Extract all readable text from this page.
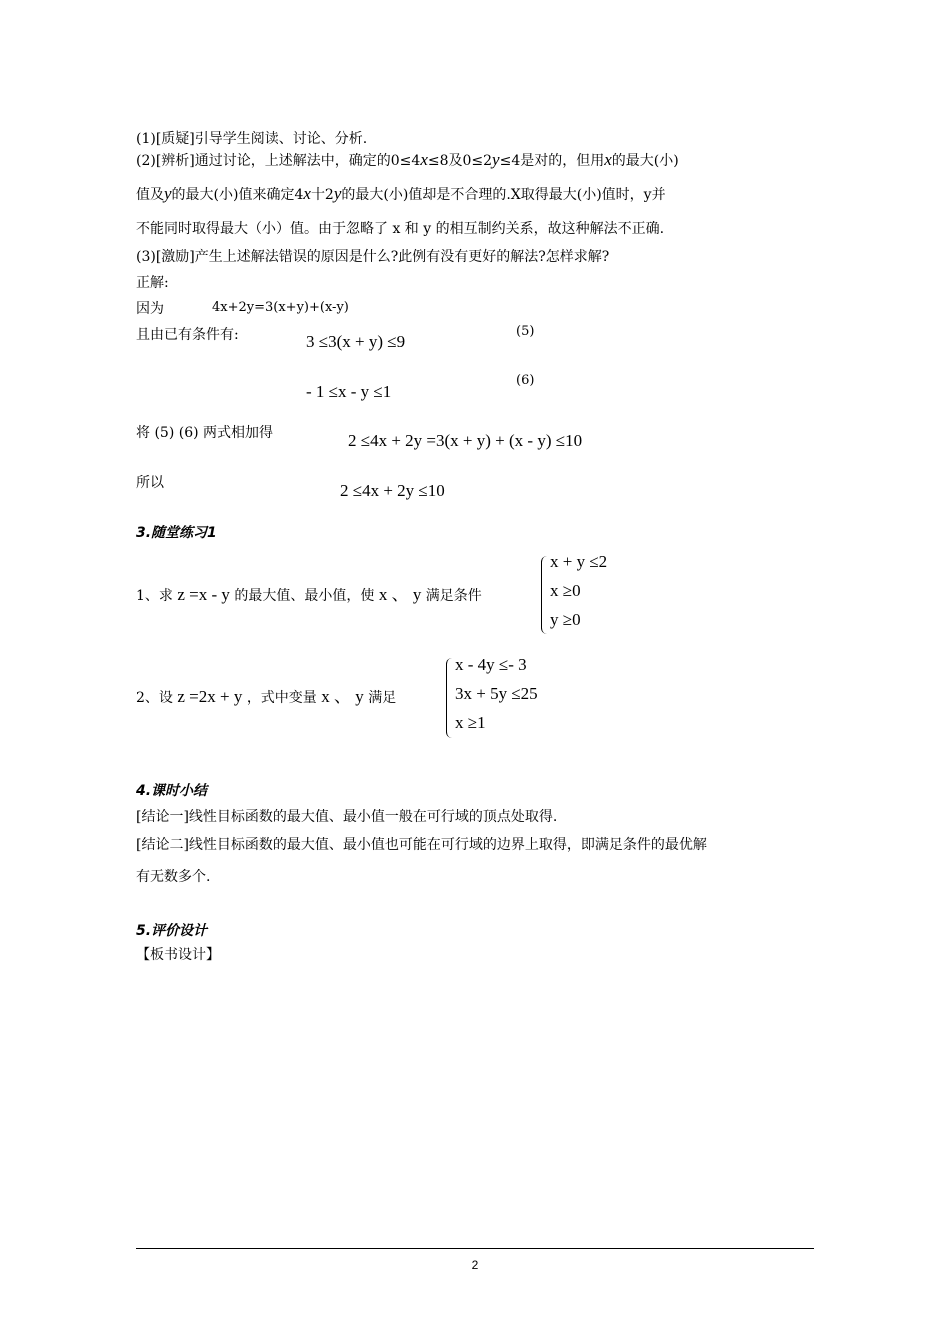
(1)[质疑]引导学生阅读、讨论、分析.
(2)[辨析]通过讨论，上述解法中，确定的0≤4x≤8及0≤2y≤4是对的，但用x的最大(小)
值及y的最大(小)值来确定4x十2y的最大(小)值却是不合理的.X取得最大(小)值时，y并
不能同时取得最大（小）值。由于忽略了 x 和 y 的相互制约关系，故这种解法不正确.
(3)[激励]产生上述解法错误的原因是什么?此例有没有更好的解法?怎样求解?
正解:
因为	4x+2y=3(x+y)+(x-y)
且由已有条件有:	3 ≤3(x + y) ≤9
(5)
- 1 ≤x - y ≤1
(6)
将 (5) (6) 两式相加得	2 ≤4x + 2y =3(x + y) + (x - y) ≤10
所以	2 ≤4x + 2y ≤10
3.随堂练习1
1、求 z =x - y 的最大值、最小值，使 x 、 y 满足条件
x + y ≤2
x ≥0
y ≥0
2、设 z =2x + y ，式中变量 x 、 y 满足
x - 4y ≤- 3
3x + 5y ≤25
x ≥1
4.课时小结
[结论一]线性目标函数的最大值、最小值一般在可行域的顶点处取得.
[结论二]线性目标函数的最大值、最小值也可能在可行域的边界上取得，即满足条件的最优解
有无数多个.
5.评价设计
【板书设计】
2
